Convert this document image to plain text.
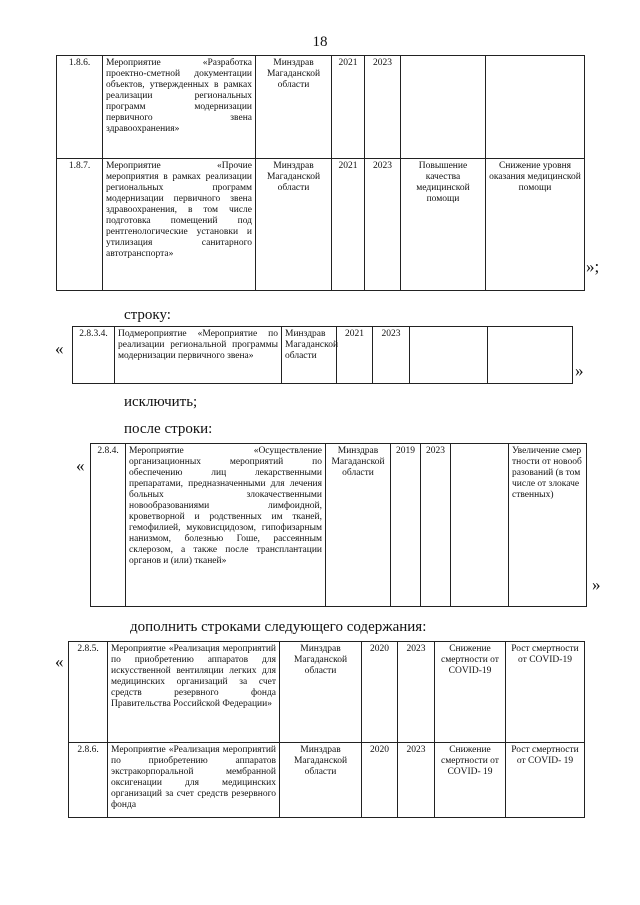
18
1.8.6.	Мероприятие «Разработка проектно-сметной документации объектов, утвержденных в рамках реализации региональных программ модернизации первичного звена здравоохранения»	Минздрав Магаданской области	2021	2023		
1.8.7.	Мероприятие «Прочие мероприятия в рамках реализации региональных программ модернизации первичного звена здравоохранения, в том числе подготовка помещений под рентгенологические установки и утилизация санитарного автотранспорта»	Минздрав Магаданской области	2021	2023	Повышение качества медицинской помощи	Снижение уровня оказания медицинской помощи
»;
строку:
«
2.8.3.4.	Подмероприятие «Мероприятие по реализации региональной программы модернизации первичного звена»	Минздрав Магаданской области	2021	2023		
»
исключить;
после строки:
«
2.8.4.	Мероприятие «Осуществление организационных мероприятий по обеспечению лиц лекарственными препаратами, предназначенными для лечения больных злокачественными новообразованиями лимфоидной, кроветворной и родственных им тканей, гемофилией, муковисцидозом, гипофизарным нанизмом, болезнью Гоше, рассеянным склерозом, а также после трансплантации органов и (или) тканей»	Минздрав Магаданской области	2019	2023		Увеличение смертности от новообразований (в том числе от злокачественных)
»
дополнить строками следующего содержания:
«
2.8.5.	Мероприятие «Реализация мероприятий по приобретению аппаратов для искусственной вентиляции легких для медицинских организаций за счет средств резервного фонда Правительства Российской Федерации»	Минздрав Магаданской области	2020	2023	Снижение смертности от COVID-19	Рост смертности от COVID-19
2.8.6.	Мероприятие «Реализация мероприятий по приобретению аппаратов экстракорпоральной мембранной оксигенации для медицинских организаций за счет средств резервного фонда	Минздрав Магаданской области	2020	2023	Снижение смертности от COVID- 19	Рост смертности от COVID- 19
